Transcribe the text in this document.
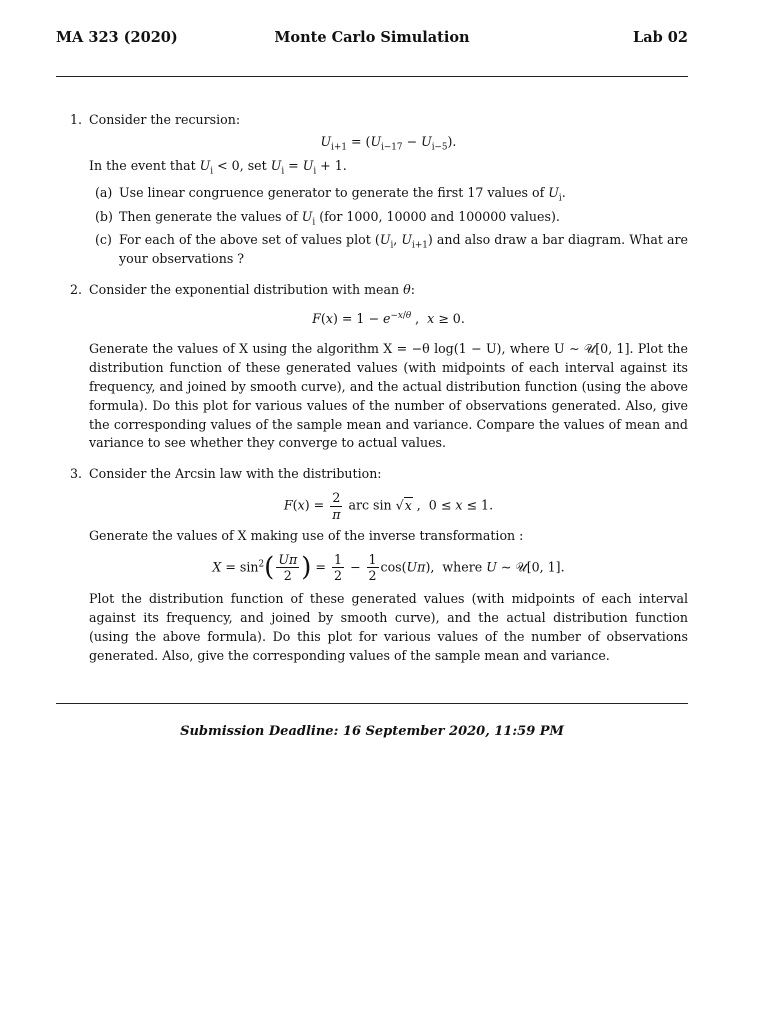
MA 323 (2020)	Monte Carlo Simulation	Lab 02
1. Consider the recursion:

$U_{i+1} = (U_{i-17} - U_{i-5})$.

In the event that $U_i < 0$, set $U_i = U_i + 1$.

(a) Use linear congruence generator to generate the first 17 values of $U_i$.
(b) Then generate the values of $U_i$ (for 1000, 10000 and 100000 values).
(c) For each of the above set of values plot ($U_i$, $U_{i+1}$) and also draw a bar diagram. What are your observations ?
2. Consider the exponential distribution with mean θ:

$F(x) = 1 - e^{-x/\theta}$ ,  x ≥ 0.

Generate the values of X using the algorithm X = −θ log(1 − U), where U ∼ 𝒰[0, 1]. Plot the distribution function of these generated values (with midpoints of each interval against its frequency, and joined by smooth curve), and the actual distribution function (using the above formula). Do this plot for various values of the number of observations generated. Also, give the corresponding values of the sample mean and variance. Compare the values of mean and variance to see whether they converge to actual values.

3. Consider the Arcsin law with the distribution:

$F(x) = \frac{2}{\pi}$ arc sin √x ,  0 ≤ x ≤ 1.

Generate the values of X making use of the inverse transformation :

$X = \sin^2( \frac{U\pi}{2}$ ) = $\frac{1}{2} - \frac{1}{2} \cos(U\pi)$,  where U ∼ 𝒰[0, 1].

Plot the distribution function of these generated values (with midpoints of each interval against its frequency, and joined by smooth curve), and the actual distribution function (using the above formula). Do this plot for various values of the number of observations generated. Also, give the corresponding values of the sample mean and variance.

Submission Deadline: 16 September 2020, 11:59 PM
